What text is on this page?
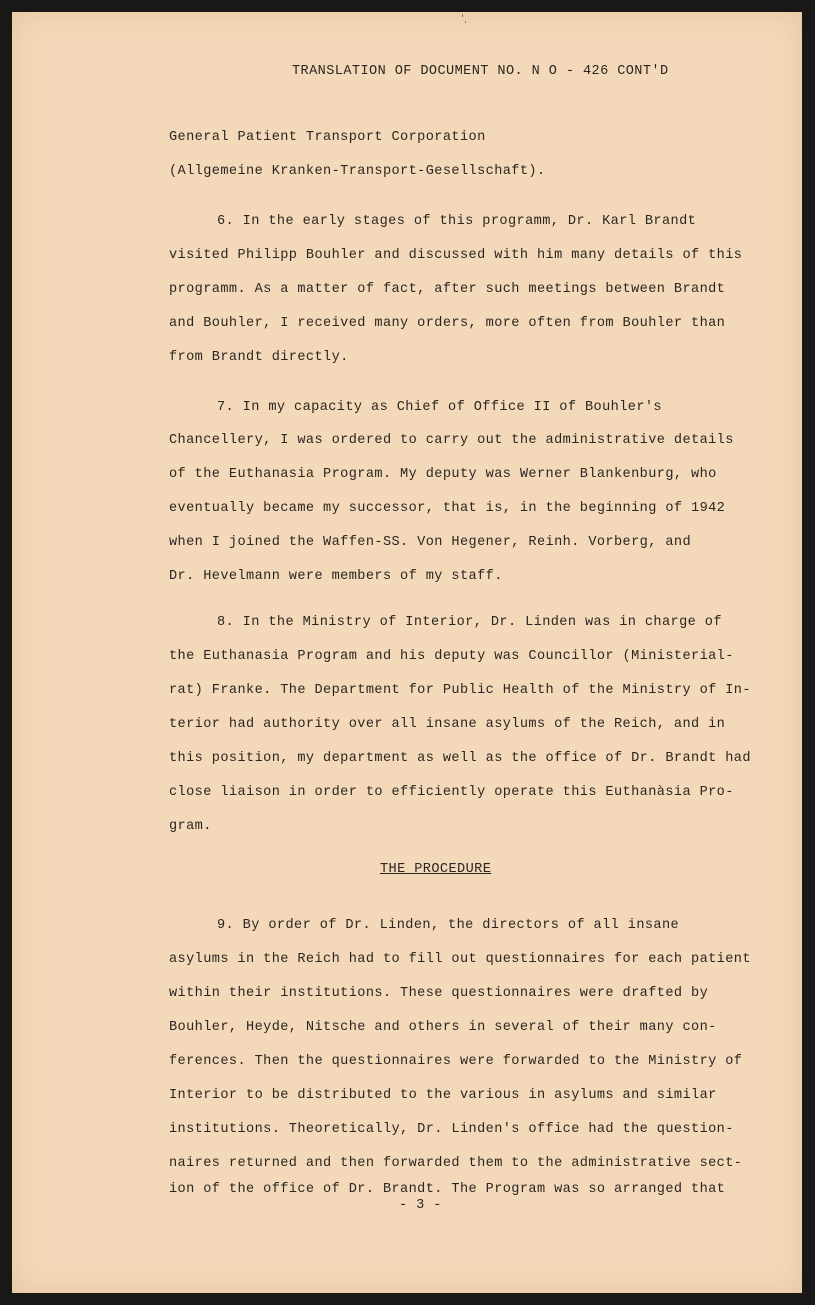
TRANSLATION OF DOCUMENT NO. N O - 426 CONT'D
General Patient Transport Corporation
(Allgemeine Kranken-Transport-Gesellschaft).
6. In the early stages of this programm, Dr. Karl Brandt
visited Philipp Bouhler and discussed with him many details of this
programm. As a matter of fact, after such meetings between Brandt
and Bouhler, I received many orders, more often from Bouhler than
from Brandt directly.
7. In my capacity as Chief of Office II of Bouhler's
Chancellery, I was ordered to carry out the administrative details
of the Euthanasia Program. My deputy was Werner Blankenburg, who
eventually became my successor, that is, in the beginning of 1942
when I joined the Waffen-SS. Von Hegener, Reinh. Vorberg, and
Dr. Hevelmann were members of my staff.
8. In the Ministry of Interior, Dr. Linden was in charge of
the Euthanasia Program and his deputy was Councillor (Ministerial-
rat) Franke. The Department for Public Health of the Ministry of In-
terior had authority over all insane asylums of the Reich, and in
this position, my department as well as the office of Dr. Brandt had
close liaison in order to efficiently operate this Euthanàsia Pro-
gram.
THE PROCEDURE
9. By order of Dr. Linden, the directors of all insane
asylums in the Reich had to fill out questionnaires for each patient
within their institutions. These questionnaires were drafted by
Bouhler, Heyde, Nitsche and others in several of their many con-
ferences. Then the questionnaires were forwarded to the Ministry of
Interior to be distributed to the various in asylums and similar
institutions. Theoretically, Dr. Linden's office had the question-
naires returned and then forwarded them to the administrative sect-
ion of the office of Dr. Brandt. The Program was so arranged that
- 3 -
